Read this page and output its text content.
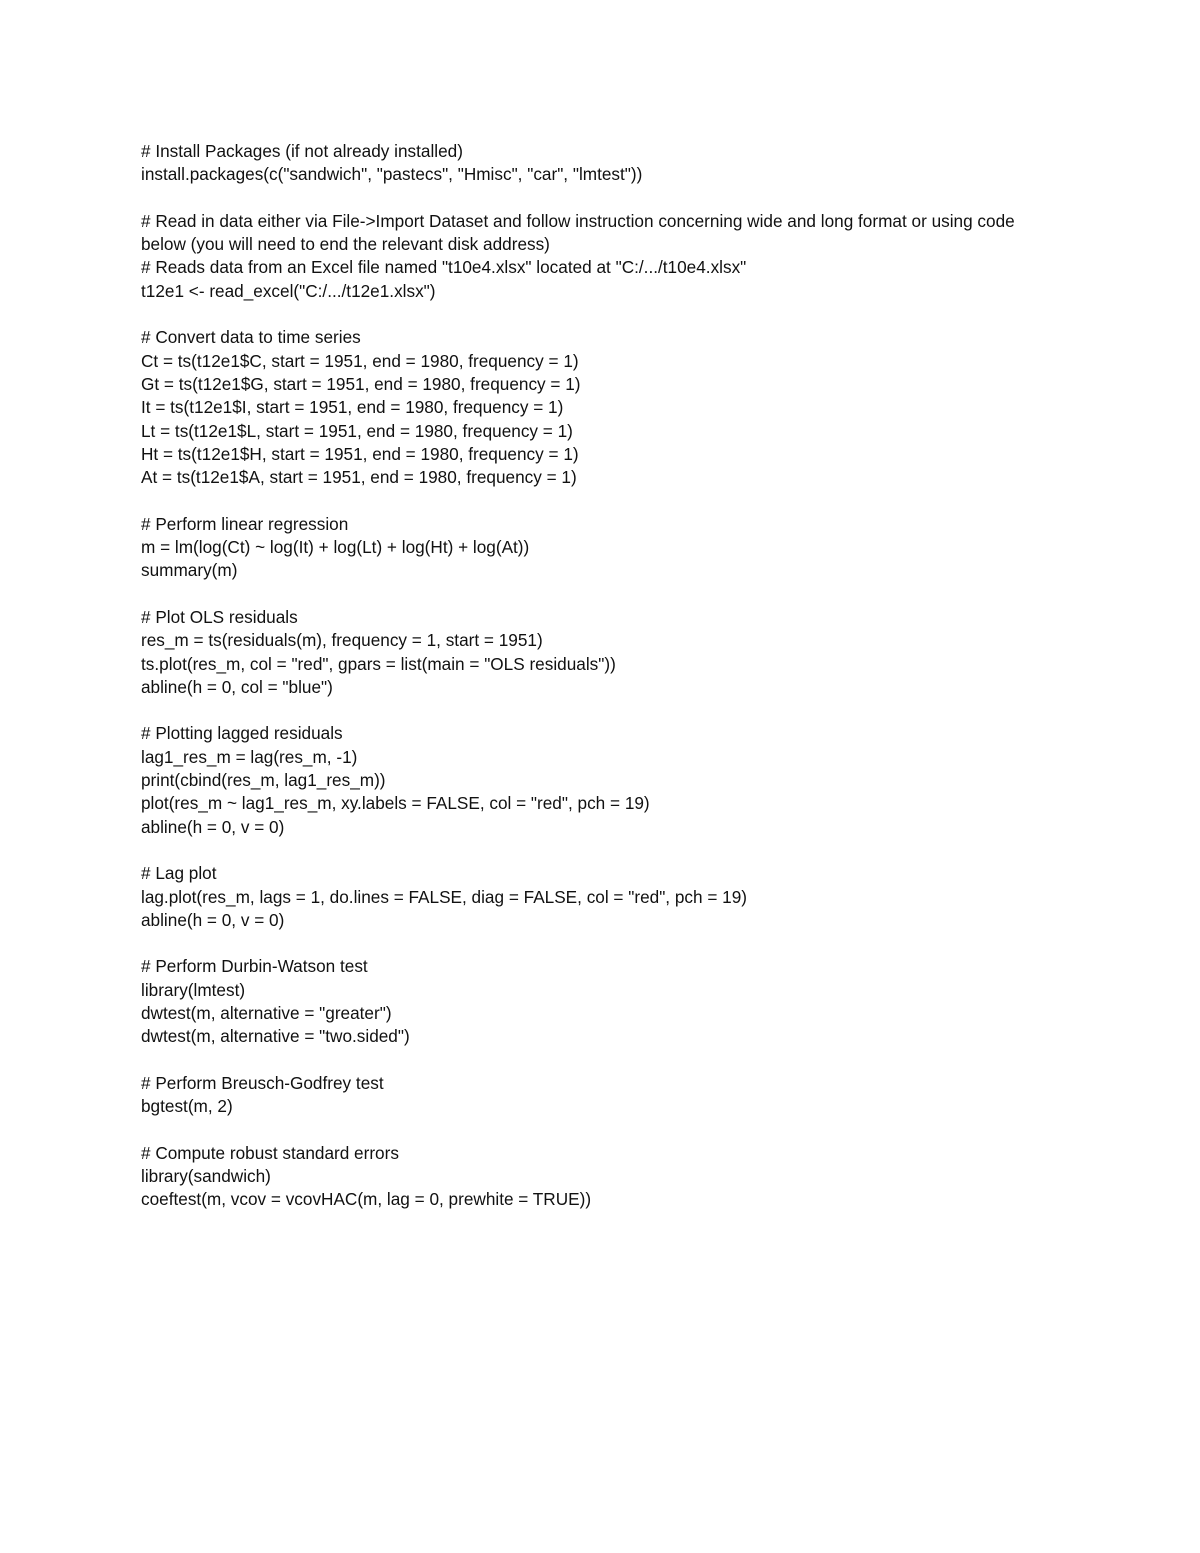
# Install Packages (if not already installed)
install.packages(c("sandwich", "pastecs", "Hmisc", "car", "lmtest"))
# Read in data either via File->Import Dataset and follow instruction concerning wide and long format or using code
below (you will need to end the relevant disk address)
# Reads data from an Excel file named "t10e4.xlsx" located at "C:/.../t10e4.xlsx"
t12e1 <- read_excel("C:/.../t12e1.xlsx")
# Convert data to time series
Ct = ts(t12e1$C, start = 1951, end = 1980, frequency = 1)
Gt = ts(t12e1$G, start = 1951, end = 1980, frequency = 1)
It = ts(t12e1$I, start = 1951, end = 1980, frequency = 1)
Lt = ts(t12e1$L, start = 1951, end = 1980, frequency = 1)
Ht = ts(t12e1$H, start = 1951, end = 1980, frequency = 1)
At = ts(t12e1$A, start = 1951, end = 1980, frequency = 1)
# Perform linear regression
m = lm(log(Ct) ~ log(It) + log(Lt) + log(Ht) + log(At))
summary(m)
# Plot OLS residuals
res_m = ts(residuals(m), frequency = 1, start = 1951)
ts.plot(res_m, col = "red", gpars = list(main = "OLS residuals"))
abline(h = 0, col = "blue")
# Plotting lagged residuals
lag1_res_m = lag(res_m, -1)
print(cbind(res_m, lag1_res_m))
plot(res_m ~ lag1_res_m, xy.labels = FALSE, col = "red", pch = 19)
abline(h = 0, v = 0)
# Lag plot
lag.plot(res_m, lags = 1, do.lines = FALSE, diag = FALSE, col = "red", pch = 19)
abline(h = 0, v = 0)
# Perform Durbin-Watson test
library(lmtest)
dwtest(m, alternative = "greater")
dwtest(m, alternative = "two.sided")
# Perform Breusch-Godfrey test
bgtest(m, 2)
# Compute robust standard errors
library(sandwich)
coeftest(m, vcov = vcovHAC(m, lag = 0, prewhite = TRUE))
